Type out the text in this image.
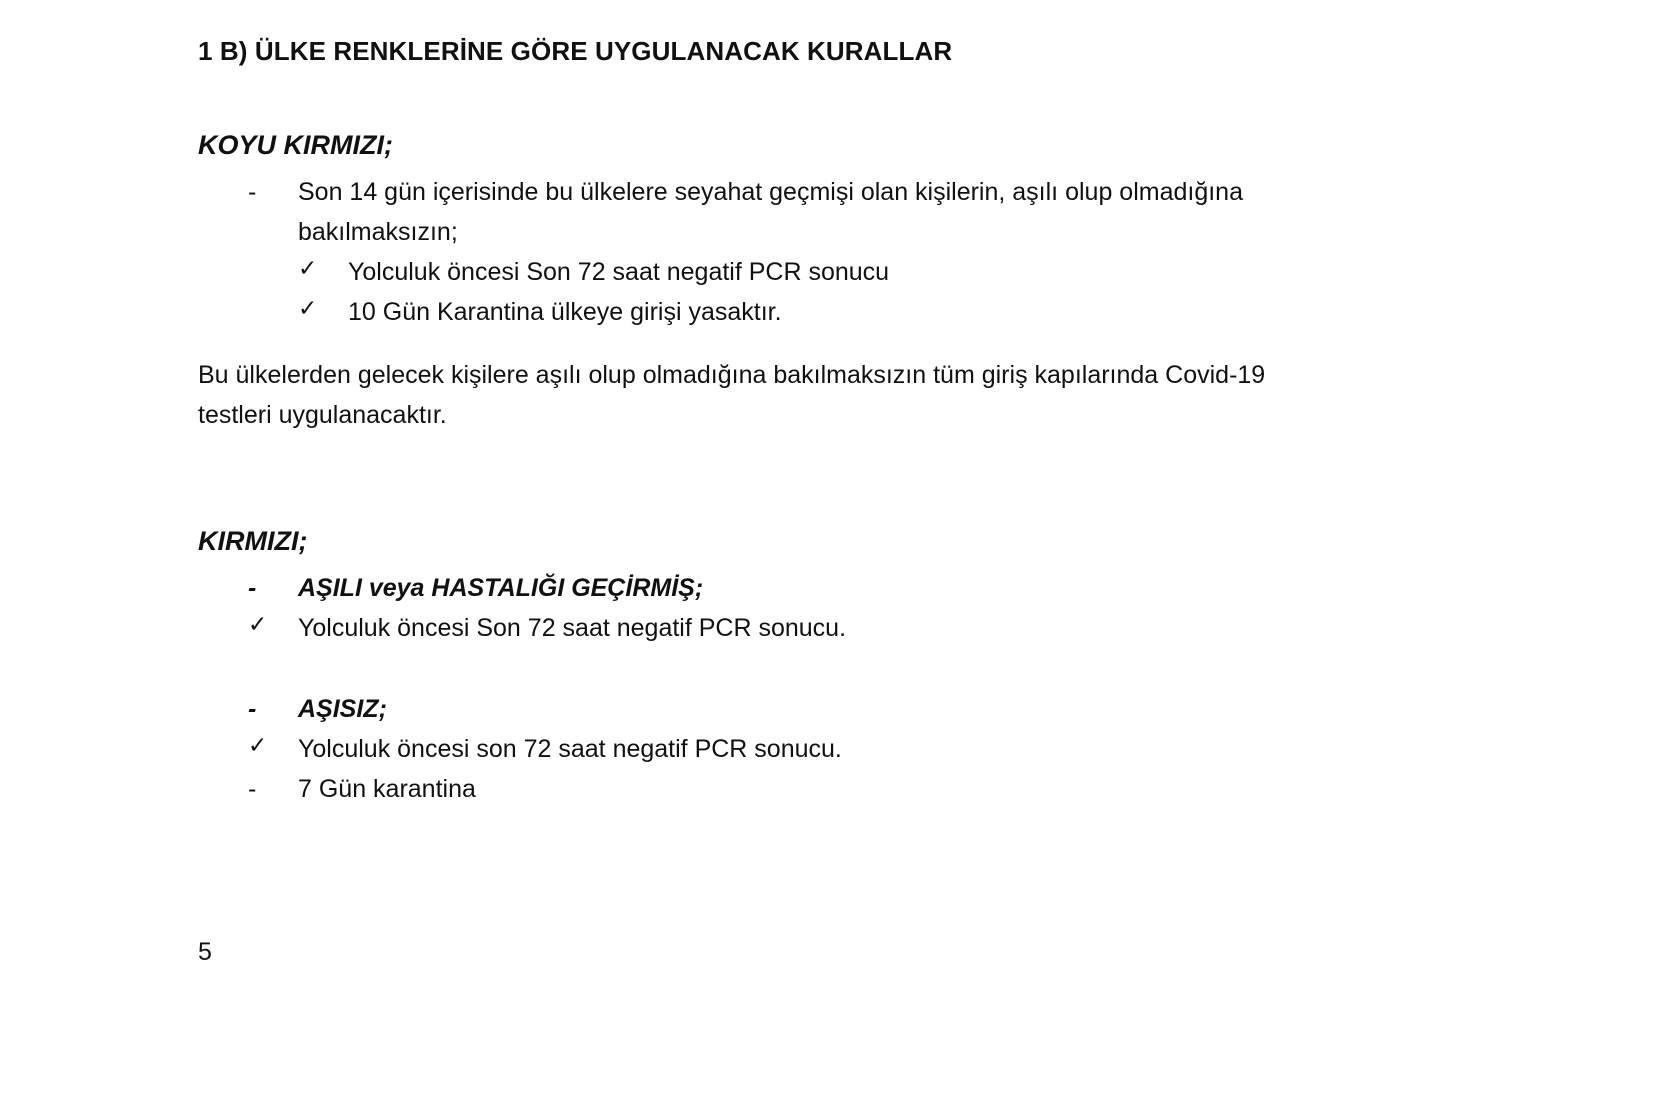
1 B) ÜLKE RENKLERİNE GÖRE UYGULANACAK KURALLAR
KOYU KIRMIZI;
- Son 14 gün içerisinde bu ülkelere seyahat geçmişi olan kişilerin, aşılı olup olmadığına
bakılmaksızın;
✓ Yolculuk öncesi Son 72 saat negatif PCR sonucu
✓ 10 Gün Karantina ülkeye girişi yasaktır.
Bu ülkelerden gelecek kişilere aşılı olup olmadığına bakılmaksızın tüm giriş kapılarında Covid-19
testleri uygulanacaktır.
KIRMIZI;
- AŞILI veya HASTALIĞI GEÇİRMİŞ;
✓ Yolculuk öncesi Son 72 saat negatif PCR sonucu.
- AŞISIZ;
✓ Yolculuk öncesi son 72 saat negatif PCR sonucu.
- 7 Gün karantina
5
